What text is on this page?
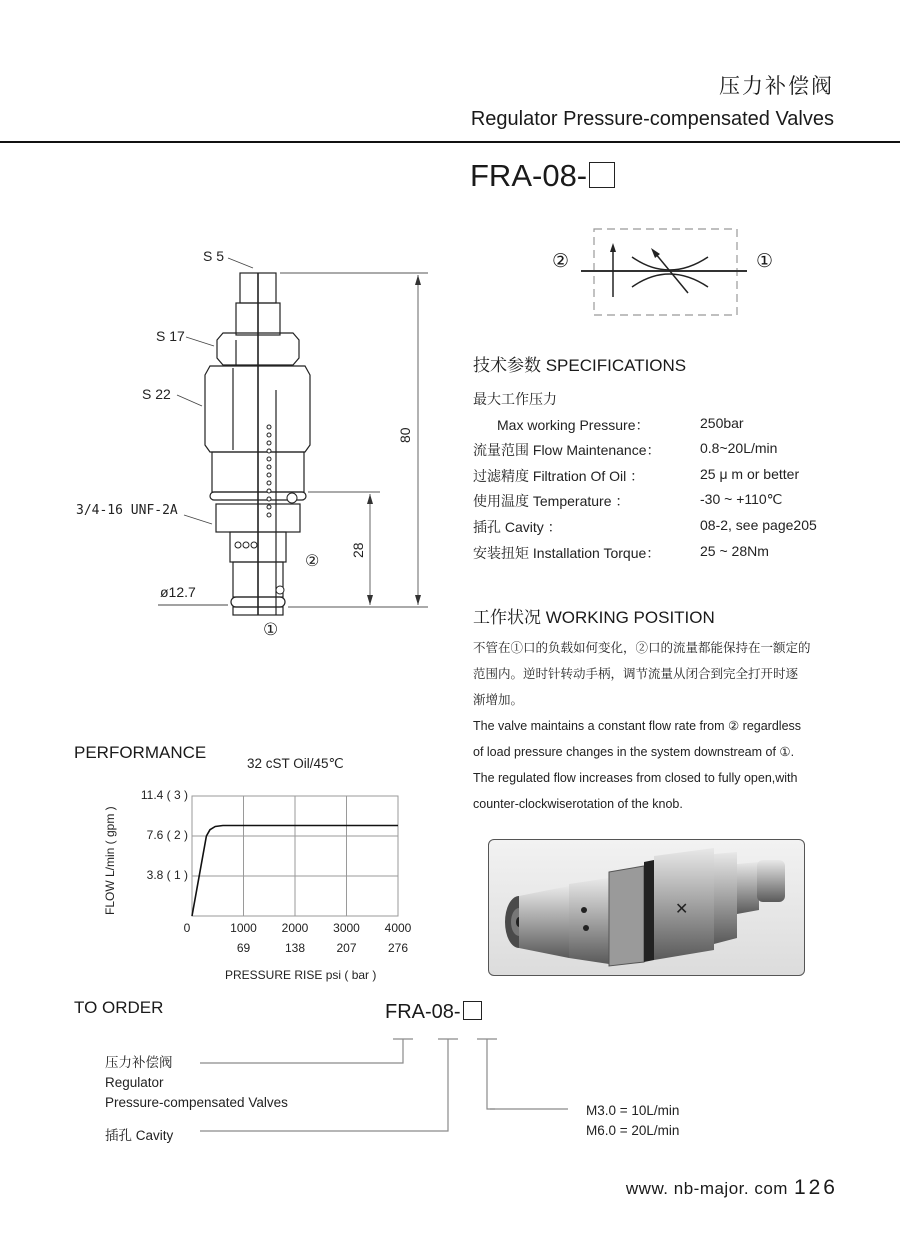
压力补偿阀
Regulator Pressure-compensated Valves
FRA-08-
②	①
S 5
S 17
S 22
3/4-16 UNF-2A
ø12.7
②
①
80
28
技术参数 SPECIFICATIONS
最大工作压力
Max working Pressure：	250bar
流量范围 Flow Maintenance：	0.8~20L/min
过滤精度 Filtration Of Oil ：	25 μ m or better
使用温度 Temperature ：	-30 ~ +110℃
插孔 Cavity ：	08-2, see page205
安装扭矩 Installation Torque：	25 ~ 28Nm
工作状况 WORKING POSITION
不管在①口的负载如何变化，②口的流量都能保持在一额定的
范围内。逆时针转动手柄，调节流量从闭合到完全打开时逐
渐增加。
The valve maintains a constant flow rate from ② regardless
of load pressure changes in the system downstream of ①.
The regulated flow increases from closed to fully open,with
counter-clockwiserotation of the knob.
✕
PERFORMANCE
32 cST Oil/45℃
FLOW L/min ( gpm )
PRESSURE RISE psi ( bar )
0	1000
69
2000
138
3000
207
4000
276
3.8 ( 1 )
7.6 ( 2 )
11.4 ( 3 )
TO ORDER	FRA-08-
压力补偿阀
Regulator
Pressure-compensated Valves
插孔 Cavity
M3.0 = 10L/min
M6.0 = 20L/min
www. nb-major. com 126
